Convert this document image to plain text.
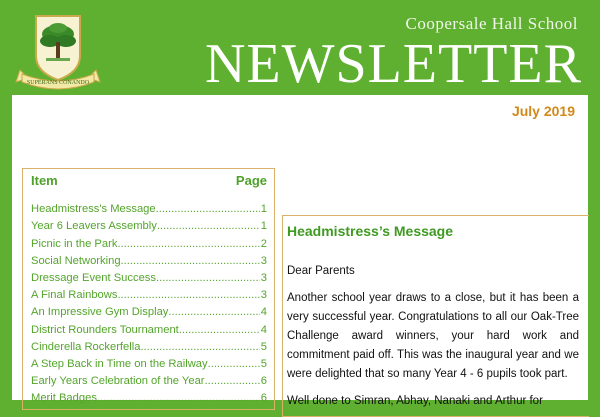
SUPERANS CONANDO
Coopersale Hall School
NEWSLETTER
July 2019
Item	Page
Headmistress's Message .....	1
Year 6 Leavers Assembly .....	1
Picnic in the Park .....	2
Social Networking .....	3
Dressage Event Success .....	3
A Final Rainbows .....	3
An Impressive Gym Display .....	4
District Rounders Tournament .....	4
Cinderella Rockerfella .....	5
A Step Back in Time on the Railway .....	5
Early Years Celebration of the Year .....	6
Merit Badges .....	6
.....
Headmistress’s Message

Dear Parents

Another school year draws to a close, but it has been a very successful year. Congratulations to all our Oak-Tree Challenge award winners, your hard work and commitment paid off. This was the inaugural year and we were delighted that so many Year 4 - 6 pupils took part.

Well done to Simran, Abhay, Nanaki and Arthur for
